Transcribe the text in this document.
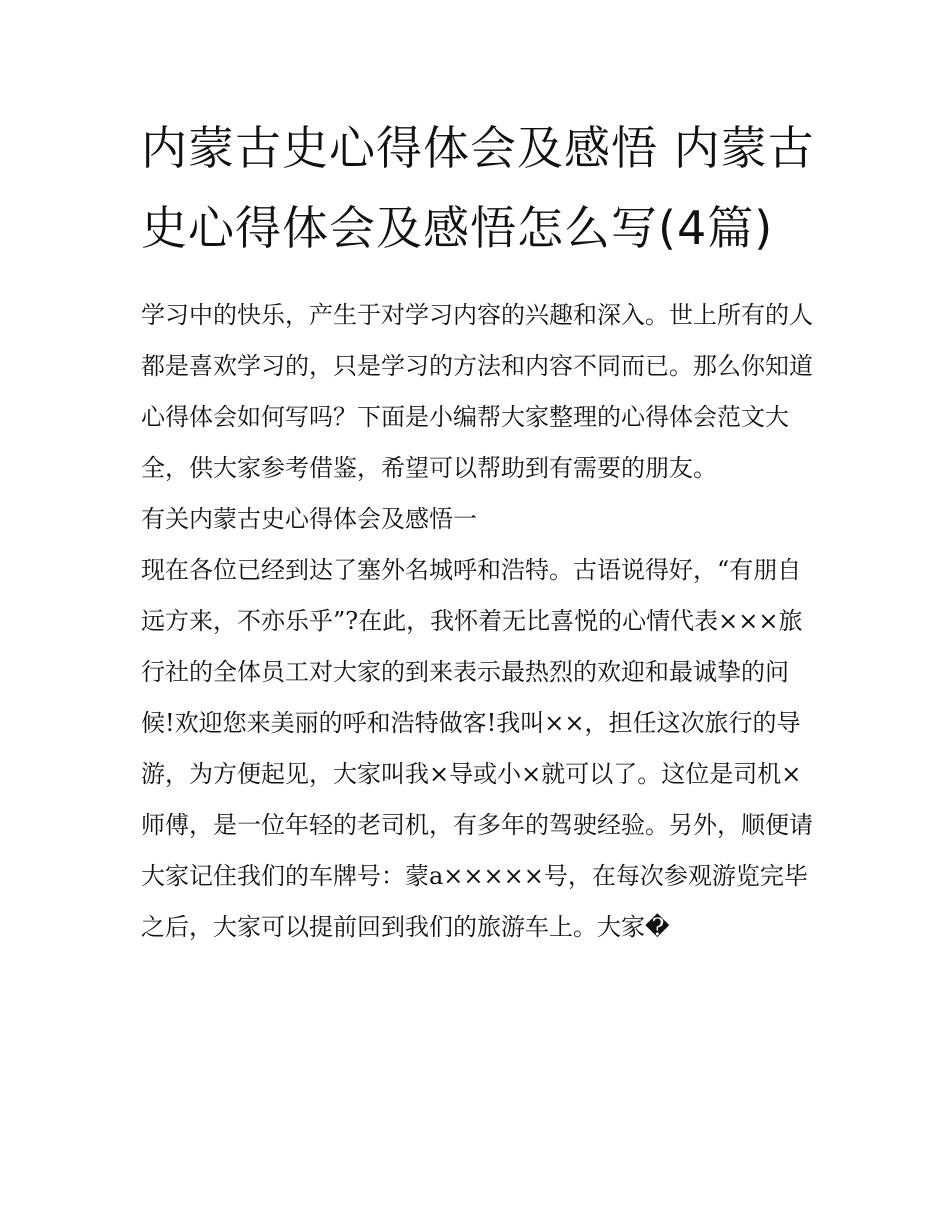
内蒙古史心得体会及感悟 内蒙古史心得体会及感悟怎么写(4篇)

学习中的快乐，产生于对学习内容的兴趣和深入。世上所有的人都是喜欢学习的，只是学习的方法和内容不同而已。那么你知道心得体会如何写吗？下面是小编帮大家整理的心得体会范文大全，供大家参考借鉴，希望可以帮助到有需要的朋友。

有关内蒙古史心得体会及感悟一

现在各位已经到达了塞外名城呼和浩特。古语说得好，“有朋自远方来，不亦乐乎”?在此，我怀着无比喜悦的心情代表×××旅行社的全体员工对大家的到来表示最热烈的欢迎和最诚挚的问候!欢迎您来美丽的呼和浩特做客!我叫××，担任这次旅行的导游，为方便起见，大家叫我×导或小×就可以了。这位是司机×师傅，是一位年轻的老司机，有多年的驾驶经验。另外，顺便请大家记住我们的车牌号：蒙a×××××号，在每次参观游览完毕之后，大家可以提前回到我们的旅游车上。大家�
